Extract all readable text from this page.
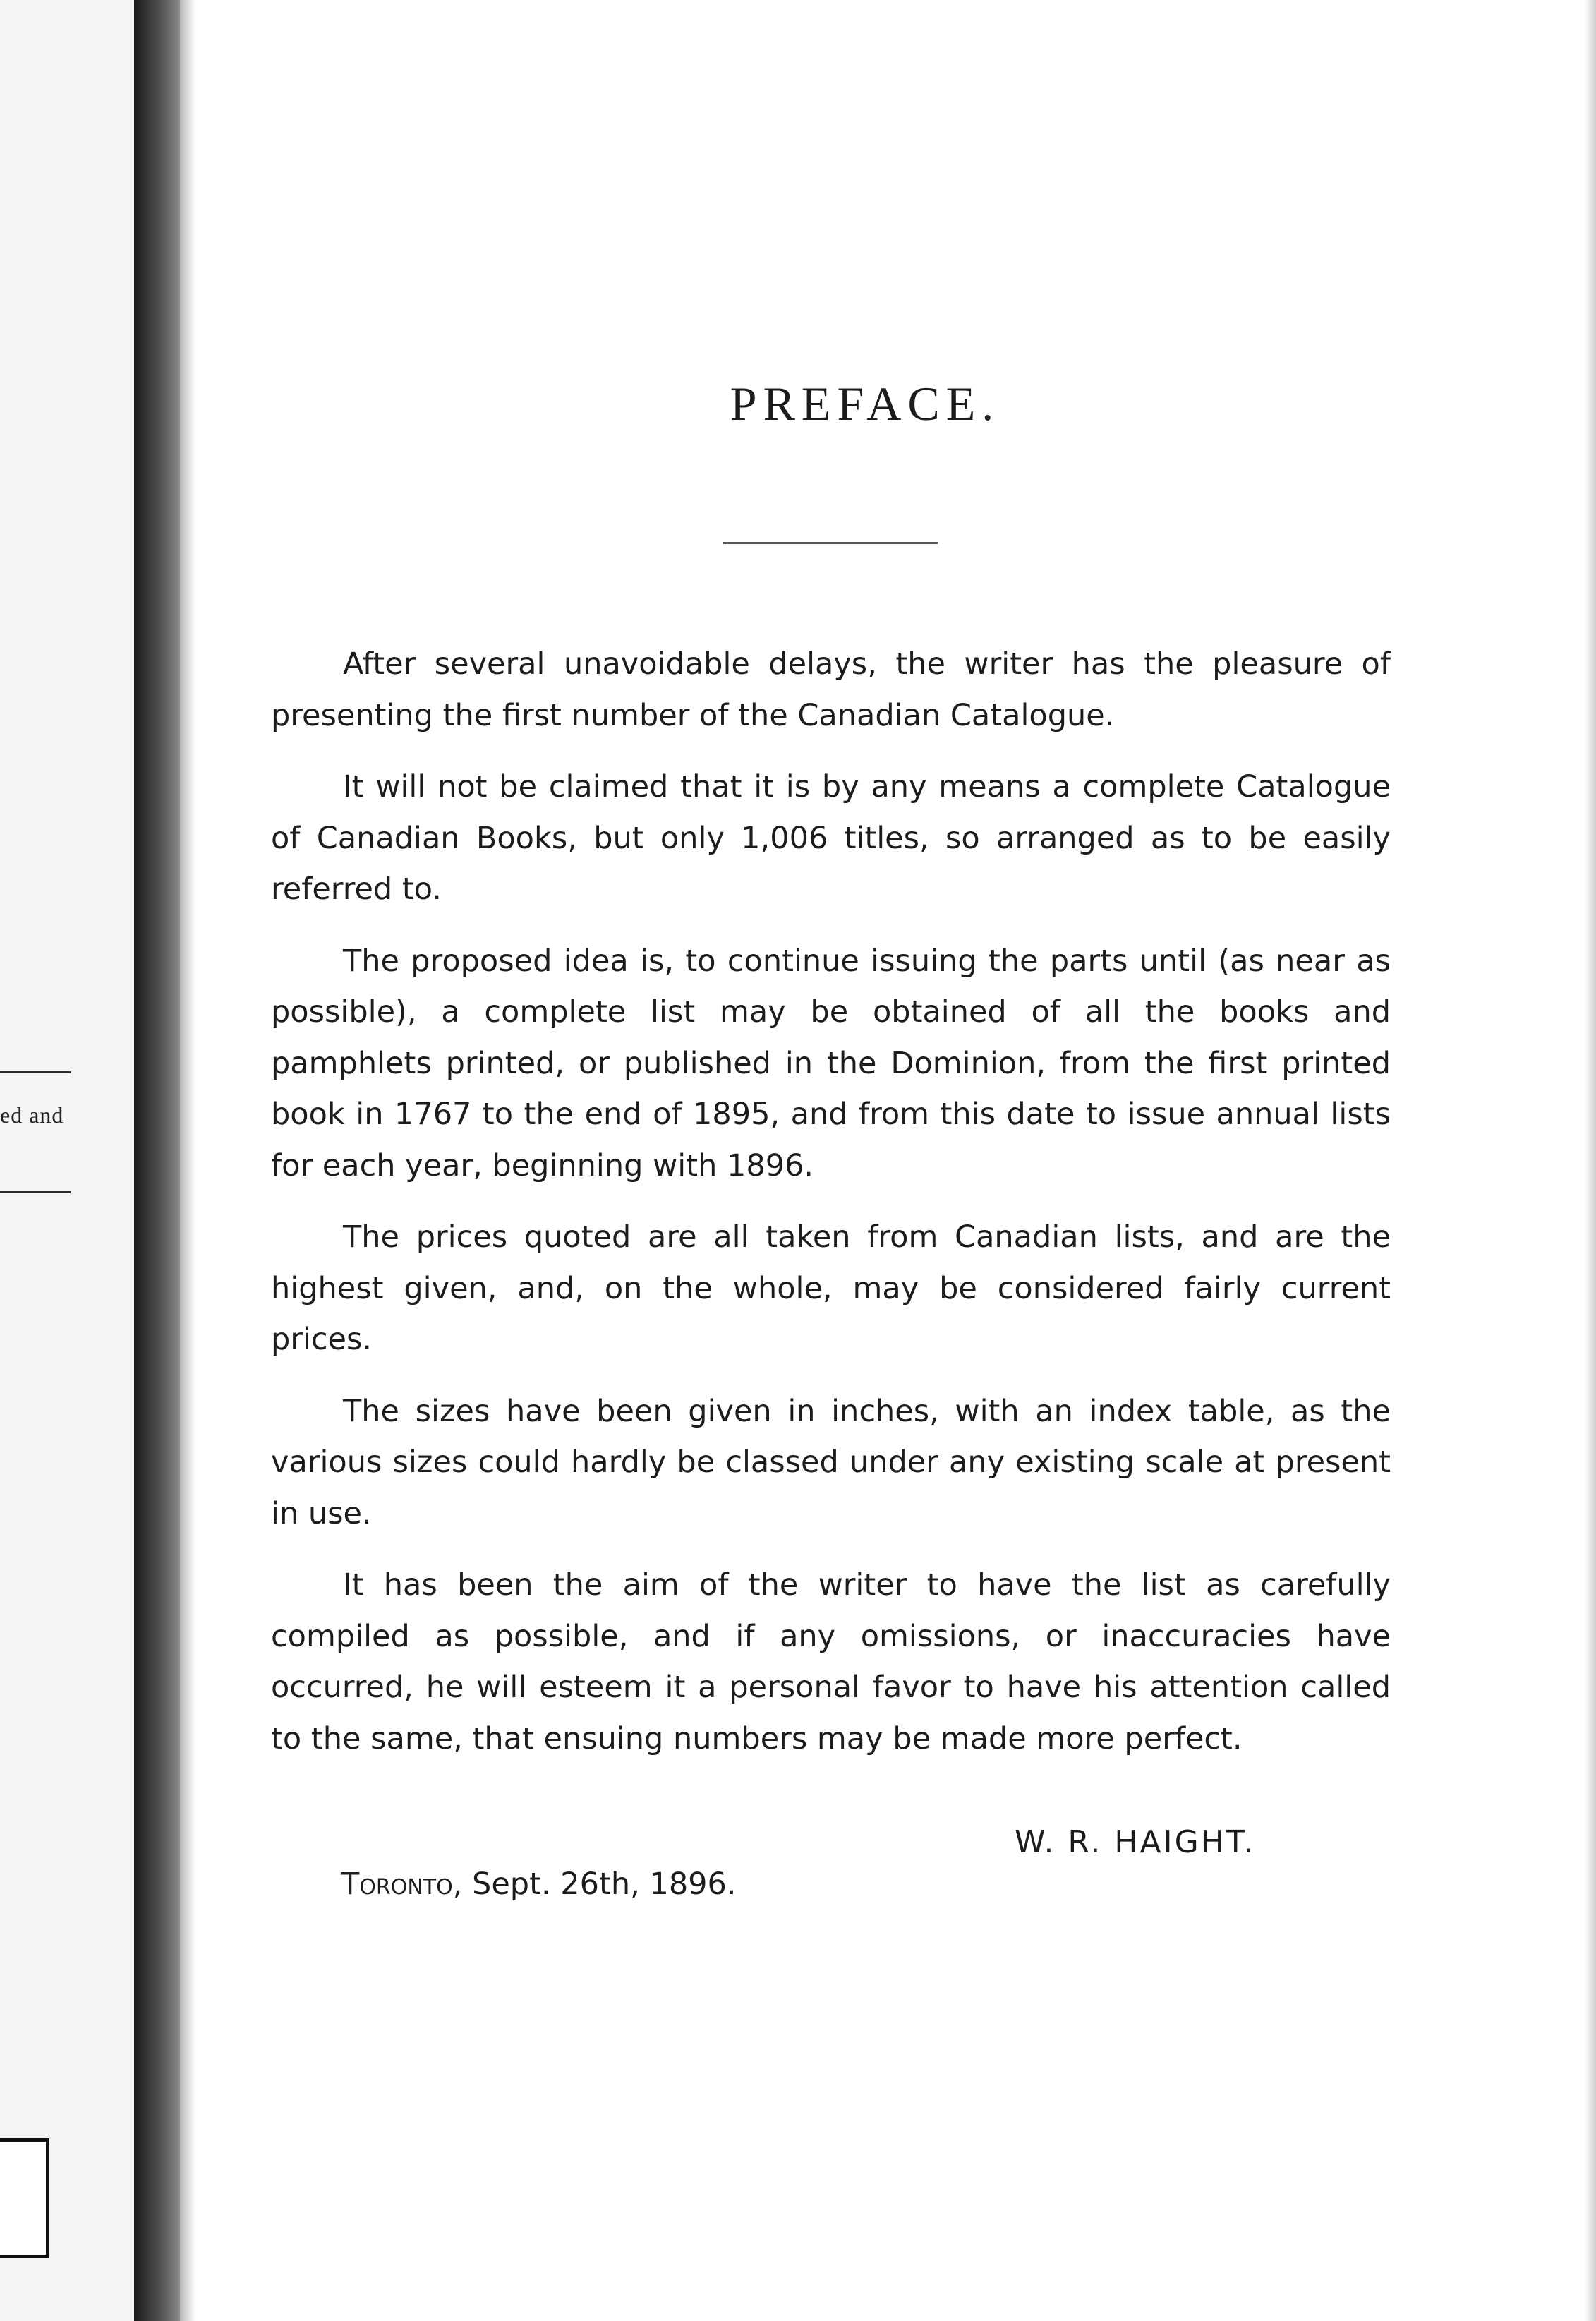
ed and
PREFACE.

After several unavoidable delays, the writer has the pleasure of presenting the first number of the Canadian Catalogue.

It will not be claimed that it is by any means a complete Catalogue of Canadian Books, but only 1,006 titles, so arranged as to be easily referred to.

The proposed idea is, to continue issuing the parts until (as near as possible), a complete list may be obtained of all the books and pamphlets printed, or published in the Dominion, from the first printed book in 1767 to the end of 1895, and from this date to issue annual lists for each year, beginning with 1896.

The prices quoted are all taken from Canadian lists, and are the highest given, and, on the whole, may be considered fairly current prices.

The sizes have been given in inches, with an index table, as the various sizes could hardly be classed under any existing scale at present in use.

It has been the aim of the writer to have the list as carefully compiled as possible, and if any omissions, or inaccuracies have occurred, he will esteem it a personal favor to have his attention called to the same, that ensuing numbers may be made more perfect.

W. R. HAIGHT.
Toronto, Sept. 26th, 1896.
